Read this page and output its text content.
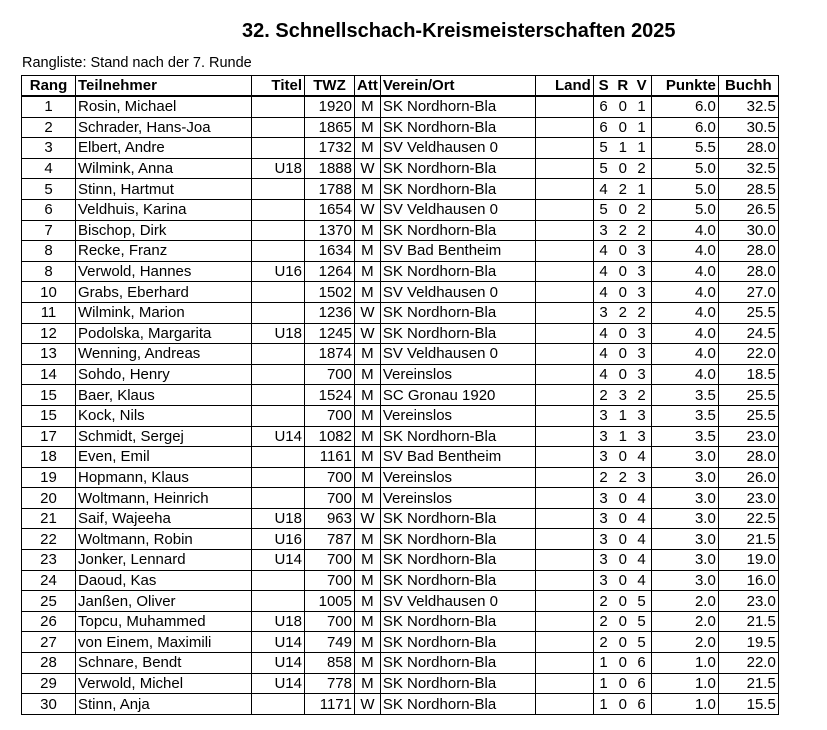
32. Schnellschach-Kreismeisterschaften 2025
Rangliste: Stand nach der 7. Runde
Rang	Teilnehmer	Titel	TWZ	Att	Verein/Ort	Land	S	R	V	Punkte	Buchh
1	Rosin, Michael		1920	M	SK Nordhorn-Bla		6	0	1	6.0	32.5
2	Schrader, Hans-Joa		1865	M	SK Nordhorn-Bla		6	0	1	6.0	30.5
3	Elbert, Andre		1732	M	SV Veldhausen 0		5	1	1	5.5	28.0
4	Wilmink, Anna	U18	1888	W	SK Nordhorn-Bla		5	0	2	5.0	32.5
5	Stinn, Hartmut		1788	M	SK Nordhorn-Bla		4	2	1	5.0	28.5
6	Veldhuis, Karina		1654	W	SV Veldhausen 0		5	0	2	5.0	26.5
7	Bischop, Dirk		1370	M	SK Nordhorn-Bla		3	2	2	4.0	30.0
8	Recke, Franz		1634	M	SV Bad Bentheim		4	0	3	4.0	28.0
8	Verwold, Hannes	U16	1264	M	SK Nordhorn-Bla		4	0	3	4.0	28.0
10	Grabs, Eberhard		1502	M	SV Veldhausen 0		4	0	3	4.0	27.0
11	Wilmink, Marion		1236	W	SK Nordhorn-Bla		3	2	2	4.0	25.5
12	Podolska, Margarita	U18	1245	W	SK Nordhorn-Bla		4	0	3	4.0	24.5
13	Wenning, Andreas		1874	M	SV Veldhausen 0		4	0	3	4.0	22.0
14	Sohdo, Henry		700	M	Vereinslos		4	0	3	4.0	18.5
15	Baer, Klaus		1524	M	SC Gronau 1920		2	3	2	3.5	25.5
15	Kock, Nils		700	M	Vereinslos		3	1	3	3.5	25.5
17	Schmidt, Sergej	U14	1082	M	SK Nordhorn-Bla		3	1	3	3.5	23.0
18	Even, Emil		1161	M	SV Bad Bentheim		3	0	4	3.0	28.0
19	Hopmann, Klaus		700	M	Vereinslos		2	2	3	3.0	26.0
20	Woltmann, Heinrich		700	M	Vereinslos		3	0	4	3.0	23.0
21	Saif, Wajeeha	U18	963	W	SK Nordhorn-Bla		3	0	4	3.0	22.5
22	Woltmann, Robin	U16	787	M	SK Nordhorn-Bla		3	0	4	3.0	21.5
23	Jonker, Lennard	U14	700	M	SK Nordhorn-Bla		3	0	4	3.0	19.0
24	Daoud, Kas		700	M	SK Nordhorn-Bla		3	0	4	3.0	16.0
25	Janßen, Oliver		1005	M	SV Veldhausen 0		2	0	5	2.0	23.0
26	Topcu, Muhammed	U18	700	M	SK Nordhorn-Bla		2	0	5	2.0	21.5
27	von Einem, Maximili	U14	749	M	SK Nordhorn-Bla		2	0	5	2.0	19.5
28	Schnare, Bendt	U14	858	M	SK Nordhorn-Bla		1	0	6	1.0	22.0
29	Verwold, Michel	U14	778	M	SK Nordhorn-Bla		1	0	6	1.0	21.5
30	Stinn, Anja		1171	W	SK Nordhorn-Bla		1	0	6	1.0	15.5
